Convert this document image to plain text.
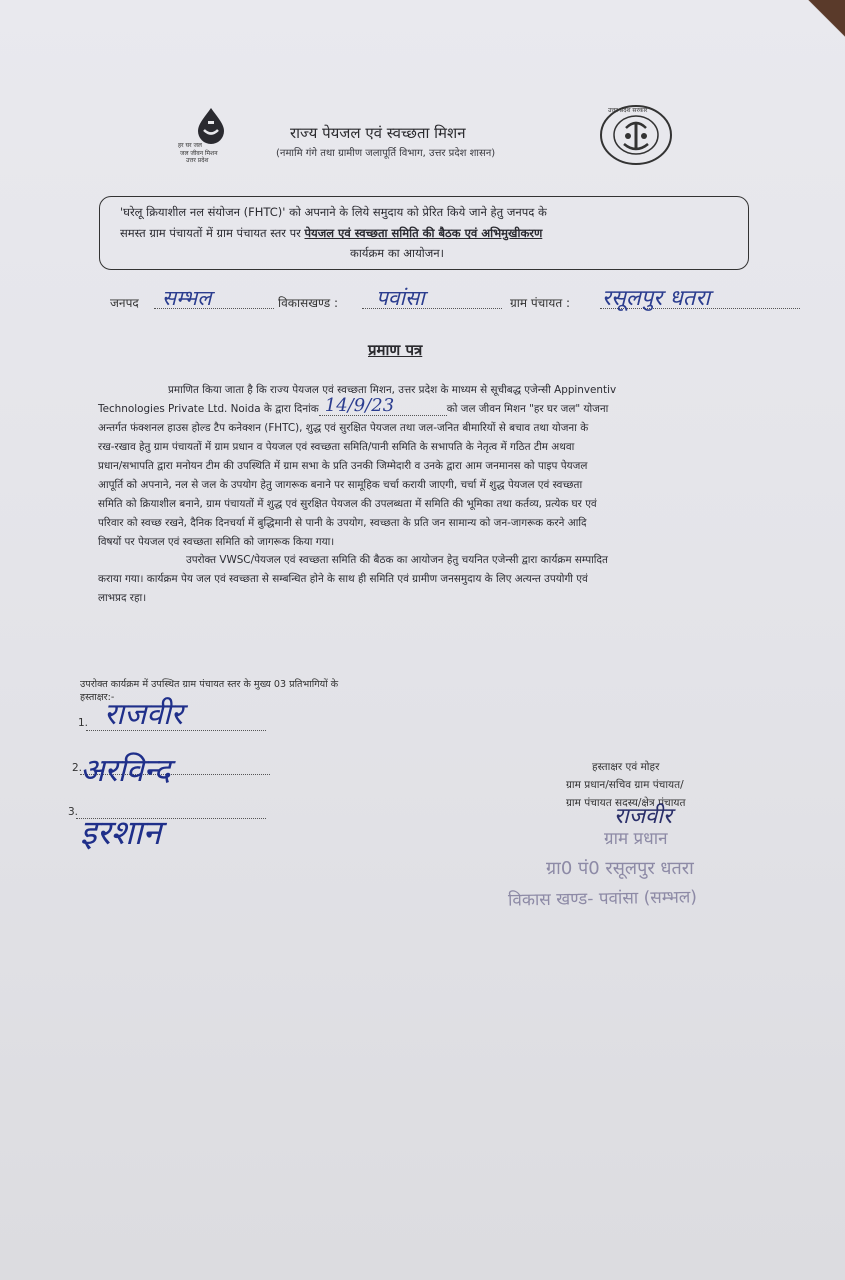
हर घर जल
जल जीवन मिशन
उत्तर प्रदेश
उत्तर प्रदेश सरकार
राज्य पेयजल एवं स्वच्छता मिशन
(नमामि गंगे तथा ग्रामीण जलापूर्ति विभाग, उत्तर प्रदेश शासन)
'घरेलू क्रियाशील नल संयोजन (FHTC)' को अपनाने के लिये समुदाय को प्रेरित किये जाने हेतु जनपद के
समस्त ग्राम पंचायतों में ग्राम पंचायत स्तर पर पेयजल एवं स्वच्छता समिति की बैठक एवं अभिमुखीकरण
कार्यक्रम का आयोजन।
जनपद सम्भल	विकासखण्ड : पवांसा	ग्राम पंचायत : रसूलपुर धतरा
प्रमाण पत्र
प्रमाणित किया जाता है कि राज्य पेयजल एवं स्वच्छता मिशन, उत्तर प्रदेश के माध्यम से सूचीबद्ध एजेन्सी Appinventiv
Technologies Private Ltd. Noida के द्वारा दिनांक 14/9/23	को जल जीवन मिशन "हर घर जल" योजना
अन्तर्गत फंक्शनल हाउस होल्ड टैप कनेक्शन (FHTC), शुद्ध एवं सुरक्षित पेयजल तथा जल-जनित बीमारियों से बचाव तथा योजना के
रख-रखाव हेतु ग्राम पंचायतों में ग्राम प्रधान व पेयजल एवं स्वच्छता समिति/पानी समिति के सभापति के नेतृत्व में गठित टीम अथवा
प्रधान/सभापति द्वारा मनोयन टीम की उपस्थिति में ग्राम सभा के प्रति उनकी जिम्मेदारी व उनके द्वारा आम जनमानस को पाइप पेयजल
आपूर्ति को अपनाने, नल से जल के उपयोग हेतु जागरूक बनाने पर सामूहिक चर्चा करायी जाएगी, चर्चा में शुद्ध पेयजल एवं स्वच्छता
समिति को क्रियाशील बनाने, ग्राम पंचायतों में शुद्ध एवं सुरक्षित पेयजल की उपलब्धता में समिति की भूमिका तथा कर्तव्य, प्रत्येक घर एवं
परिवार को स्वच्छ रखने, दैनिक दिनचर्या में बुद्धिमानी से पानी के उपयोग, स्वच्छता के प्रति जन सामान्य को जन-जागरूक करने आदि
विषयों पर पेयजल एवं स्वच्छता समिति को जागरूक किया गया।
उपरोक्त VWSC/पेयजल एवं स्वच्छता समिति की बैठक का आयोजन हेतु चयनित एजेन्सी द्वारा कार्यक्रम सम्पादित
कराया गया। कार्यक्रम पेय जल एवं स्वच्छता से सम्बन्धित होने के साथ ही समिति एवं ग्रामीण जनसमुदाय के लिए अत्यन्त उपयोगी एवं
लाभप्रद रहा।
उपरोक्त कार्यक्रम में उपस्थित ग्राम पंचायत स्तर के मुख्य 03 प्रतिभागियों के
हस्ताक्षर:-
1. राजवीर
2.
अरविन्द
3.
इरशान
हस्ताक्षर एवं मोहर
ग्राम प्रधान/सचिव ग्राम पंचायत/
ग्राम पंचायत सदस्य/क्षेत्र पंचायत
राजवीर
ग्राम प्रधान
ग्रा0 पं0 रसूलपुर धतरा
विकास खण्ड- पवांसा (सम्भल)
